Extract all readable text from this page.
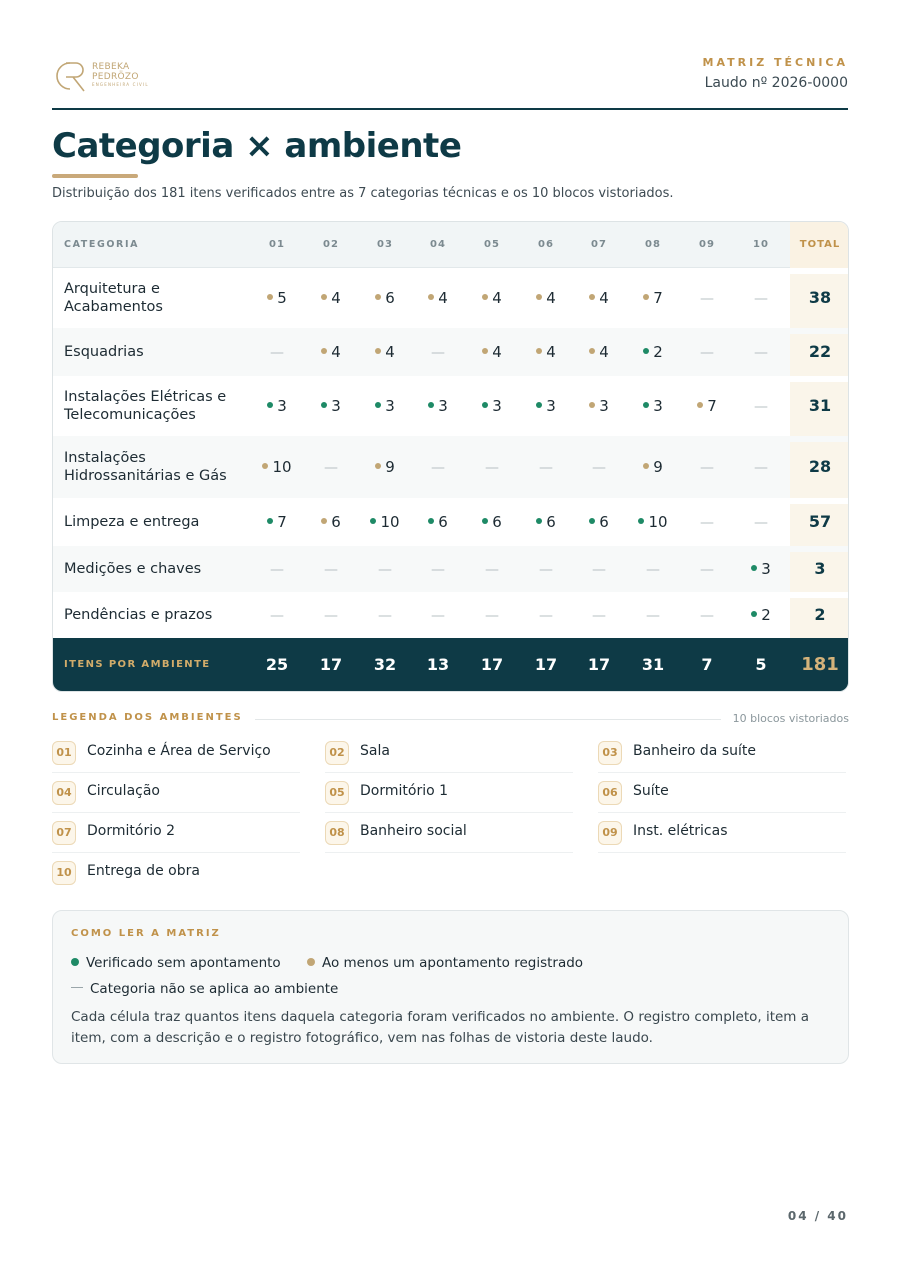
REBEKA
PEDRÖZO
ENGENHEIRA CIVIL
MATRIZ TÉCNICA
Laudo nº 2026-0000
Categoria × ambiente
Distribuição dos 181 itens verificados entre as 7 categorias técnicas e os 10 blocos vistoriados.
CATEGORIA	01	02	03	04	05	06	07	08	09	10	TOTAL
Arquitetura e
Acabamentos	5	4	6	4	4	4	4	7	—	—	38
Esquadrias	—	4	4	—	4	4	4	2	—	—	22
Instalações Elétricas e
Telecomunicações	3	3	3	3	3	3	3	3	7	—	31
Instalações
Hidrossanitárias e Gás	10	—	9	—	—	—	—	9	—	—	28
Limpeza e entrega	7	6	10	6	6	6	6	10	—	—	57
Medições e chaves	—	—	—	—	—	—	—	—	—	3	3
Pendências e prazos	—	—	—	—	—	—	—	—	—	2	2
ITENS POR AMBIENTE	25	17	32	13	17	17	17	31	7	5	181
LEGENDA DOS AMBIENTES	10 blocos vistoriados
01	Cozinha e Área de Serviço	02	Sala	03	Banheiro da suíte
04	Circulação	05	Dormitório 1	06	Suíte
07	Dormitório 2	08	Banheiro social	09	Inst. elétricas
10	Entrega de obra
COMO LER A MATRIZ
Verificado sem apontamento	Ao menos um apontamento registrado
Categoria não se aplica ao ambiente
Cada célula traz quantos itens daquela categoria foram verificados no ambiente. O registro completo, item a item, com a descrição e o registro fotográfico, vem nas folhas de vistoria deste laudo.
04 / 40
